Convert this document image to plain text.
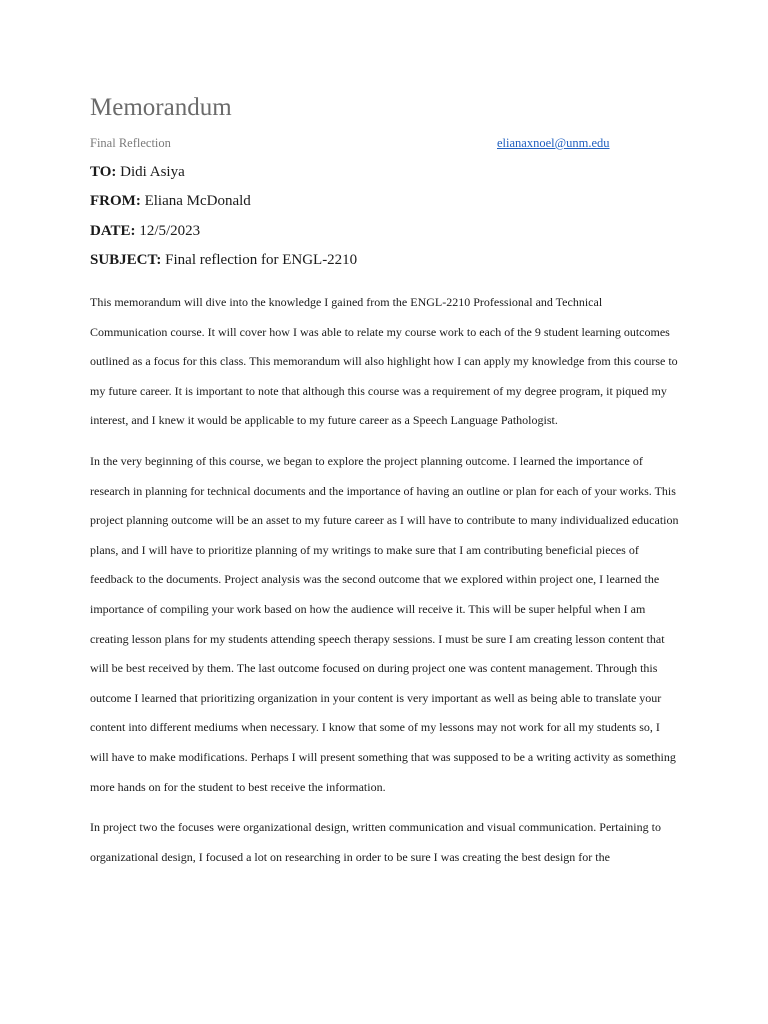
Memorandum
Final Reflection	elianaxnoel@unm.edu
TO: Didi Asiya
FROM: Eliana McDonald
DATE: 12/5/2023
SUBJECT: Final reflection for ENGL-2210

This memorandum will dive into the knowledge I gained from the ENGL-2210 Professional and Technical Communication course. It will cover how I was able to relate my course work to each of the 9 student learning outcomes outlined as a focus for this class. This memorandum will also highlight how I can apply my knowledge from this course to my future career. It is important to note that although this course was a requirement of my degree program, it piqued my interest, and I knew it would be applicable to my future career as a Speech Language Pathologist.

In the very beginning of this course, we began to explore the project planning outcome. I learned the importance of research in planning for technical documents and the importance of having an outline or plan for each of your works. This project planning outcome will be an asset to my future career as I will have to contribute to many individualized education plans, and I will have to prioritize planning of my writings to make sure that I am contributing beneficial pieces of feedback to the documents. Project analysis was the second outcome that we explored within project one, I learned the importance of compiling your work based on how the audience will receive it. This will be super helpful when I am creating lesson plans for my students attending speech therapy sessions. I must be sure I am creating lesson content that will be best received by them. The last outcome focused on during project one was content management. Through this outcome I learned that prioritizing organization in your content is very important as well as being able to translate your content into different mediums when necessary. I know that some of my lessons may not work for all my students so, I will have to make modifications. Perhaps I will present something that was supposed to be a writing activity as something more hands on for the student to best receive the information.

In project two the focuses were organizational design, written communication and visual communication. Pertaining to organizational design, I focused a lot on researching in order to be sure I was creating the best design for the
